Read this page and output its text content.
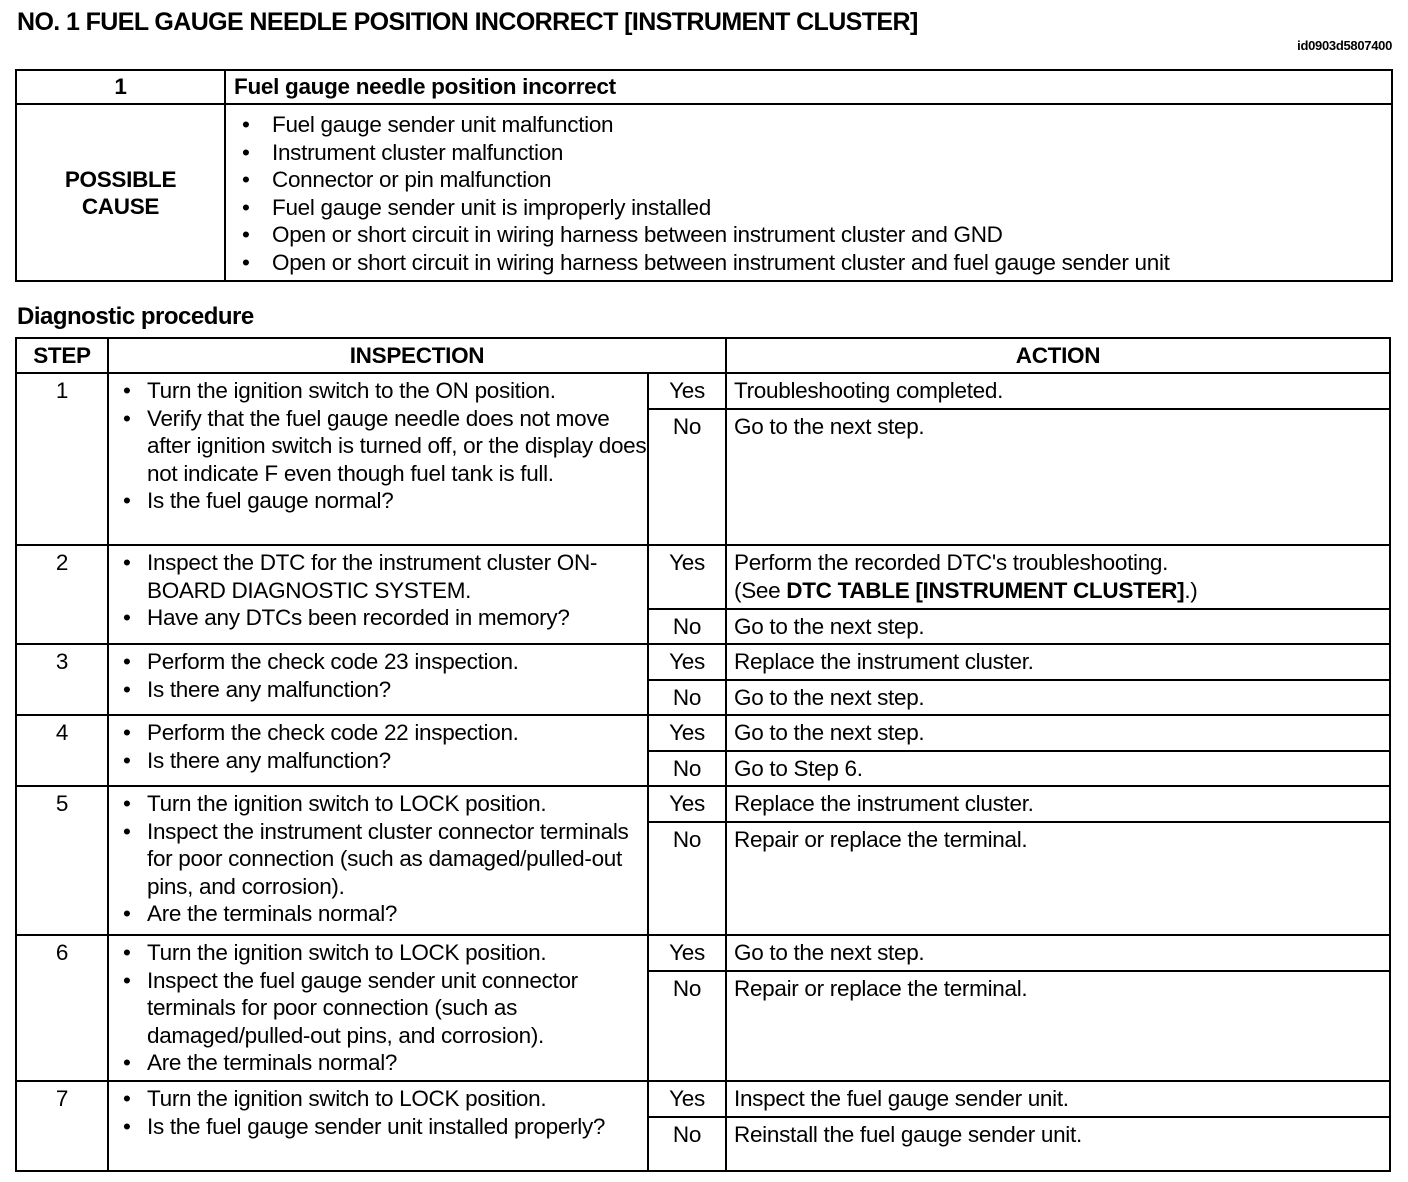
NO. 1 FUEL GAUGE NEEDLE POSITION INCORRECT [INSTRUMENT CLUSTER]
id0903d5807400
1	Fuel gauge needle position incorrect

POSSIBLE
CAUSE

• Fuel gauge sender unit malfunction
• Instrument cluster malfunction
• Connector or pin malfunction
• Fuel gauge sender unit is improperly installed
• Open or short circuit in wiring harness between instrument cluster and GND
• Open or short circuit in wiring harness between instrument cluster and fuel gauge sender unit
Diagnostic procedure
STEP	INSPECTION		ACTION
1	
•Turn the ignition switch to the ON position.
• Verify that the fuel gauge needle does not move after ignition switch is turned off, or the display does not indicate F even though fuel tank is full.
• Is the fuel gauge normal?
	Yes	Troubleshooting completed.

		No	Go to the next step.
2	
•Inspect the DTC for the instrument cluster ON-BOARD DIAGNOSTIC SYSTEM.
• Have any DTCs been recorded in memory?
	Yes	Perform the recorded DTC's troubleshooting.
(See DTC TABLE [INSTRUMENT CLUSTER].)

		No	Go to the next step.
3	
•Perform the check code 23 inspection.
• Is there any malfunction?
	Yes	Replace the instrument cluster.

		No	Go to the next step.
4	
•Perform the check code 22 inspection.
• Is there any malfunction?
	Yes	Go to the next step.

		No	Go to Step 6.
5	
•Turn the ignition switch to LOCK position.
• Inspect the instrument cluster connector terminals for poor connection (such as damaged/pulled-out pins, and corrosion).
• Are the terminals normal?
	Yes	Replace the instrument cluster.

		No	Repair or replace the terminal.
6	
•Turn the ignition switch to LOCK position.
• Inspect the fuel gauge sender unit connector terminals for poor connection (such as damaged/pulled-out pins, and corrosion).
• Are the terminals normal?
	Yes	Go to the next step.

		No	Repair or replace the terminal.
7	
•Turn the ignition switch to LOCK position.
• Is the fuel gauge sender unit installed properly?
	Yes	Inspect the fuel gauge sender unit.

		No	Reinstall the fuel gauge sender unit.
